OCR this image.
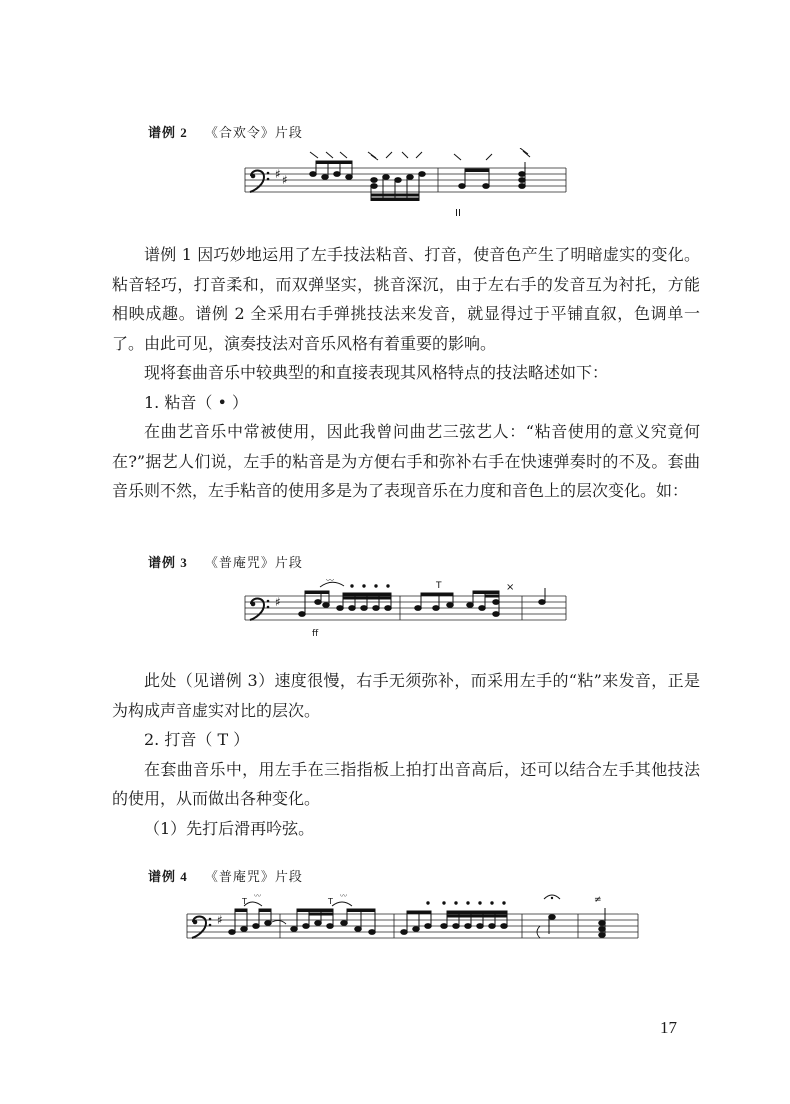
谱例 2 《合欢令》片段
♯ ♯
II

谱例 1 因巧妙地运用了左手技法粘音、打音，使音色产生了明暗虚实的变化。粘音轻巧，打音柔和，而双弹坚实，挑音深沉，由于左右手的发音互为衬托，方能相映成趣。谱例 2 全采用右手弹挑技法来发音，就显得过于平铺直叙，色调单一了。由此可见，演奏技法对音乐风格有着重要的影响。

现将套曲音乐中较典型的和直接表现其风格特点的技法略述如下：

1. 粘音（ • ）

在曲艺音乐中常被使用，因此我曾问曲艺三弦艺人：“粘音使用的意义究竟何在?”据艺人们说，左手的粘音是为方便右手和弥补右手在快速弹奏时的不及。套曲音乐则不然，左手粘音的使用多是为了表现音乐在力度和音色上的层次变化。如：

谱例 3 《普庵咒》片段
♯
〰
T	×
ff

此处（见谱例 3）速度很慢，右手无须弥补，而采用左手的“粘”来发音，正是为构成声音虚实对比的层次。

2. 打音（ T ）

在套曲音乐中，用左手在三指指板上拍打出音高后，还可以结合左手其他技法的使用，从而做出各种变化。

（1）先打后滑再吟弦。

谱例 4 《普庵咒》片段
♯
〰	〰	≠
T	T
17
